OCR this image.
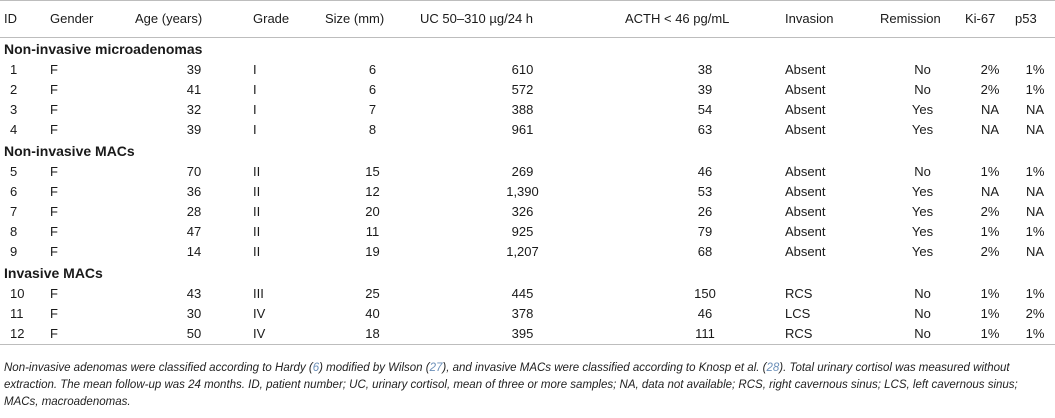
ID	Gender	Age (years)	Grade	Size (mm)	UC 50–310 µg/24 h	ACTH < 46 pg/mL	Invasion	Remission	Ki-67	p53
Non-invasive microadenomas										
1	F	39	I	6	610	38	Absent	No	2%	1%
2	F	41	I	6	572	39	Absent	No	2%	1%
3	F	32	I	7	388	54	Absent	Yes	NA	NA
4	F	39	I	8	961	63	Absent	Yes	NA	NA
Non-invasive MACs										
5	F	70	II	15	269	46	Absent	No	1%	1%
6	F	36	II	12	1,390	53	Absent	Yes	NA	NA
7	F	28	II	20	326	26	Absent	Yes	2%	NA
8	F	47	II	11	925	79	Absent	Yes	1%	1%
9	F	14	II	19	1,207	68	Absent	Yes	2%	NA
Invasive MACs										
10	F	43	III	25	445	150	RCS	No	1%	1%
11	F	30	IV	40	378	46	LCS	No	1%	2%
12	F	50	IV	18	395	111	RCS	No	1%	1%
Non-invasive adenomas were classified according to Hardy (6) modified by Wilson (27), and invasive MACs were classified according to Knosp et al. (28). Total urinary cortisol was measured without extraction. The mean follow-up was 24 months. ID, patient number; UC, urinary cortisol, mean of three or more samples; NA, data not available; RCS, right cavernous sinus; LCS, left cavernous sinus; MACs, macroadenomas.
